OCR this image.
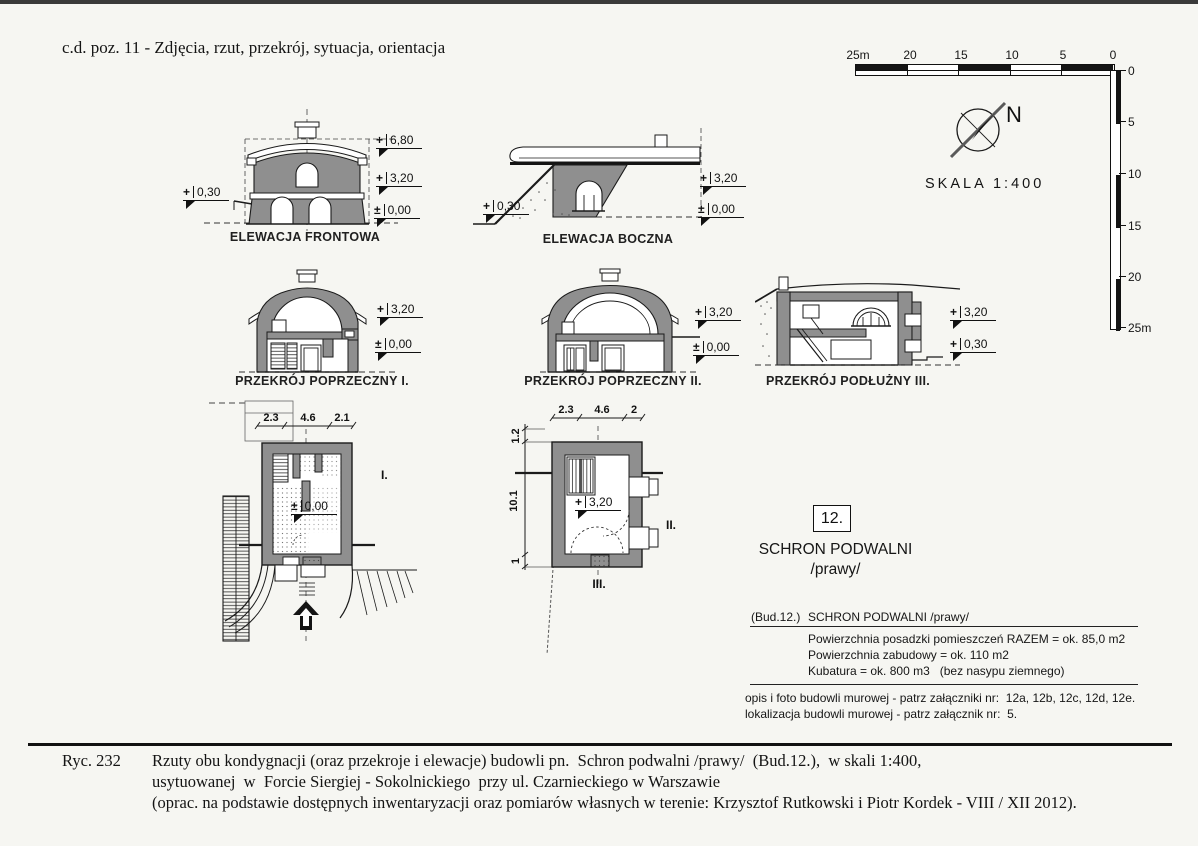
c.d. poz. 11 - Zdjęcia, rzut, przekrój, sytuacja, orientacja	25m	20	15	10	5	0
0
5
10
15
20
25m
N
SKALA 1:400
ELEWACJA FRONTOWA	ELEWACJA BOCZNA
PRZEKRÓJ POPRZECZNY I.	PRZEKRÓJ POPRZECZNY II.	PRZEKRÓJ PODŁUŻNY III.
2.3 4.6 2.1
I.
2.3 4.6 2
1.2
10.1
1
II.
III.
+ 6,80
+ 3,20
± 0,00
+ 0,30
+ 3,20
± 0,00
+ 0,30
+ 3,20
± 0,00
+ 3,20
± 0,00
+ 3,20
+ 0,30
± 0,00	+ 3,20
12.
SCHRON PODWALNI
/prawy/
(Bud.12.) SCHRON PODWALNI /prawy/
Powierzchnia posadzki pomieszczeń RAZEM = ok. 85,0 m2
Powierzchnia zabudowy = ok. 110 m2
Kubatura = ok. 800 m3   (bez nasypu ziemnego)
opis i foto budowli murowej - patrz załączniki nr:  12a, 12b, 12c, 12d, 12e.
lokalizacja budowli murowej - patrz załącznik nr:  5.
Ryc. 232 Rzuty obu kondygnacji (oraz przekroje i elewacje) budowli pn.  Schron podwalni /prawy/  (Bud.12.),  w skali 1:400,
usytuowanej  w  Forcie Siergiej - Sokolnickiego  przy ul. Czarnieckiego w Warszawie
(oprac. na podstawie dostępnych inwentaryzacji oraz pomiarów własnych w terenie: Krzysztof Rutkowski i Piotr Kordek - VIII / XII 2012).
